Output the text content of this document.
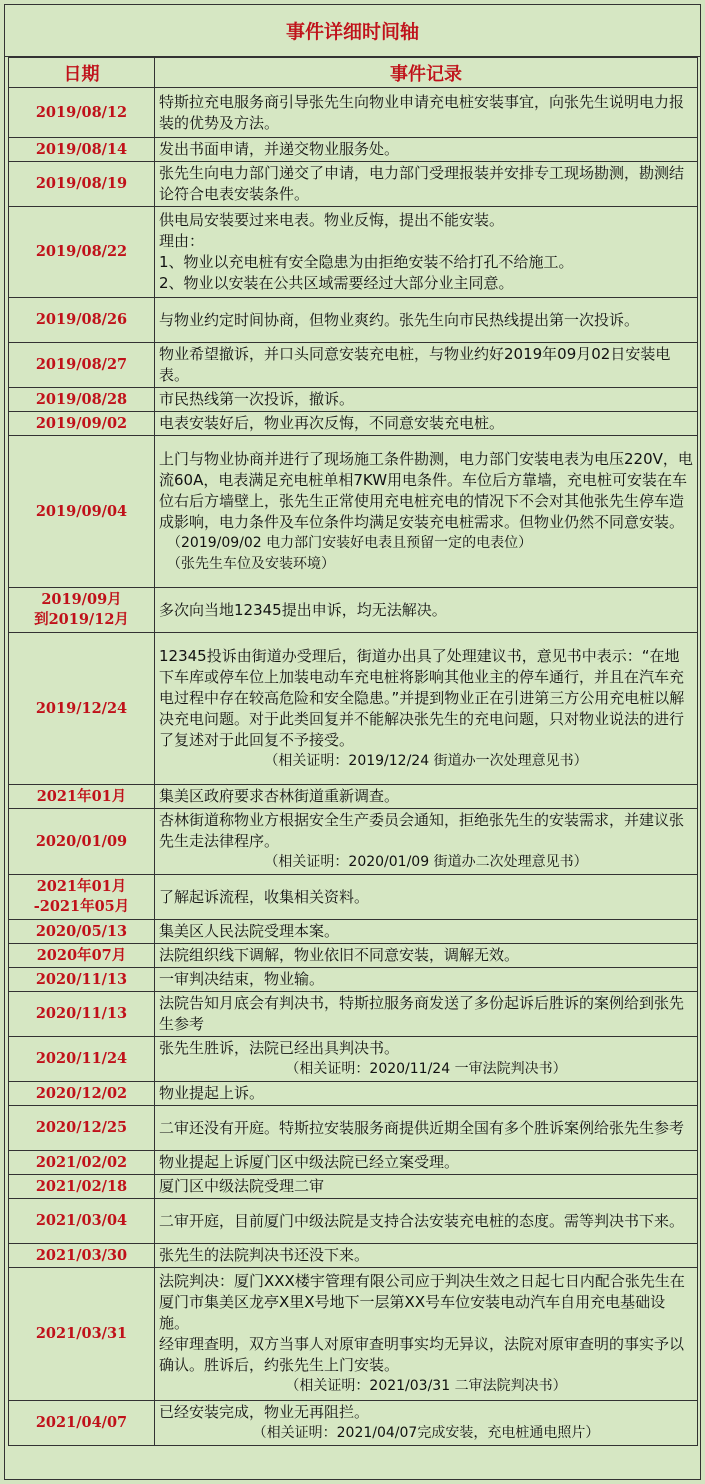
事件详细时间轴
日期	事件记录
2019/08/12	特斯拉充电服务商引导张先生向物业申请充电桩安装事宜，向张先生说明电力报装的优势及方法。
2019/08/14	发出书面申请，并递交物业服务处。
2019/08/19	张先生向电力部门递交了申请，电力部门受理报装并安排专工现场勘测，勘测结论符合电表安装条件。
2019/08/22	供电局安装要过来电表。物业反悔，提出不能安装。
理由：
1、物业以充电桩有安全隐患为由拒绝安装不给打孔不给施工。
2、物业以安装在公共区域需要经过大部分业主同意。
2019/08/26	与物业约定时间协商，但物业爽约。张先生向市民热线提出第一次投诉。
2019/08/27	物业希望撤诉，并口头同意安装充电桩，与物业约好2019年09月02日安装电表。
2019/08/28	市民热线第一次投诉，撤诉。
2019/09/02	电表安装好后，物业再次反悔，不同意安装充电桩。
2019/09/04	上门与物业协商并进行了现场施工条件勘测，电力部门安装电表为电压220V，电流60A，电表满足充电桩单相7KW用电条件。车位后方靠墙，充电桩可安装在车位右后方墙壁上，张先生正常使用充电桩充电的情况下不会对其他张先生停车造成影响，电力条件及车位条件均满足安装充电桩需求。但物业仍然不同意安装。
（2019/09/02 电力部门安装好电表且预留一定的电表位）
（张先生车位及安装环境）

2019/09月
到2019/12月	多次向当地12345提出申诉，均无法解决。
2019/12/24	12345投诉由街道办受理后，街道办出具了处理建议书，意见书中表示：“在地下车库或停车位上加装电动车充电桩将影响其他业主的停车通行，并且在汽车充电过程中存在较高危险和安全隐患。”并提到物业正在引进第三方公用充电桩以解决充电问题。对于此类回复并不能解决张先生的充电问题，只对物业说法的进行了复述对于此回复不予接受。
（相关证明：2019/12/24 街道办一次处理意见书）

2021年01月	集美区政府要求杏林街道重新调查。
2020/01/09	杏林街道称物业方根据安全生产委员会通知，拒绝张先生的安装需求，并建议张先生走法律程序。
（相关证明：2020/01/09 街道办二次处理意见书）

2021年01月
-2021年05月	了解起诉流程，收集相关资料。
2020/05/13	集美区人民法院受理本案。
2020年07月	法院组织线下调解，物业依旧不同意安装，调解无效。
2020/11/13	一审判决结束，物业输。
2020/11/13	法院告知月底会有判决书，特斯拉服务商发送了多份起诉后胜诉的案例给到张先生参考
2020/11/24	张先生胜诉，法院已经出具判决书。
（相关证明：2020/11/24 一审法院判决书）

2020/12/02	物业提起上诉。
2020/12/25	二审还没有开庭。特斯拉安装服务商提供近期全国有多个胜诉案例给张先生参考
2021/02/02	物业提起上诉厦门区中级法院已经立案受理。
2021/02/18	厦门区中级法院受理二审
2021/03/04	二审开庭，目前厦门中级法院是支持合法安装充电桩的态度。需等判决书下来。
2021/03/30	张先生的法院判决书还没下来。
2021/03/31	法院判决：厦门XXX楼宇管理有限公司应于判决生效之日起七日内配合张先生在厦门市集美区龙亭X里X号地下一层第XX号车位安装电动汽车自用充电基础设施。
经审理查明，双方当事人对原审查明事实均无异议，法院对原审查明的事实予以确认。胜诉后，约张先生上门安装。
（相关证明：2021/03/31 二审法院判决书）

2021/04/07	已经安装完成，物业无再阻拦。
（相关证明：2021/04/07完成安装，充电桩通电照片）
